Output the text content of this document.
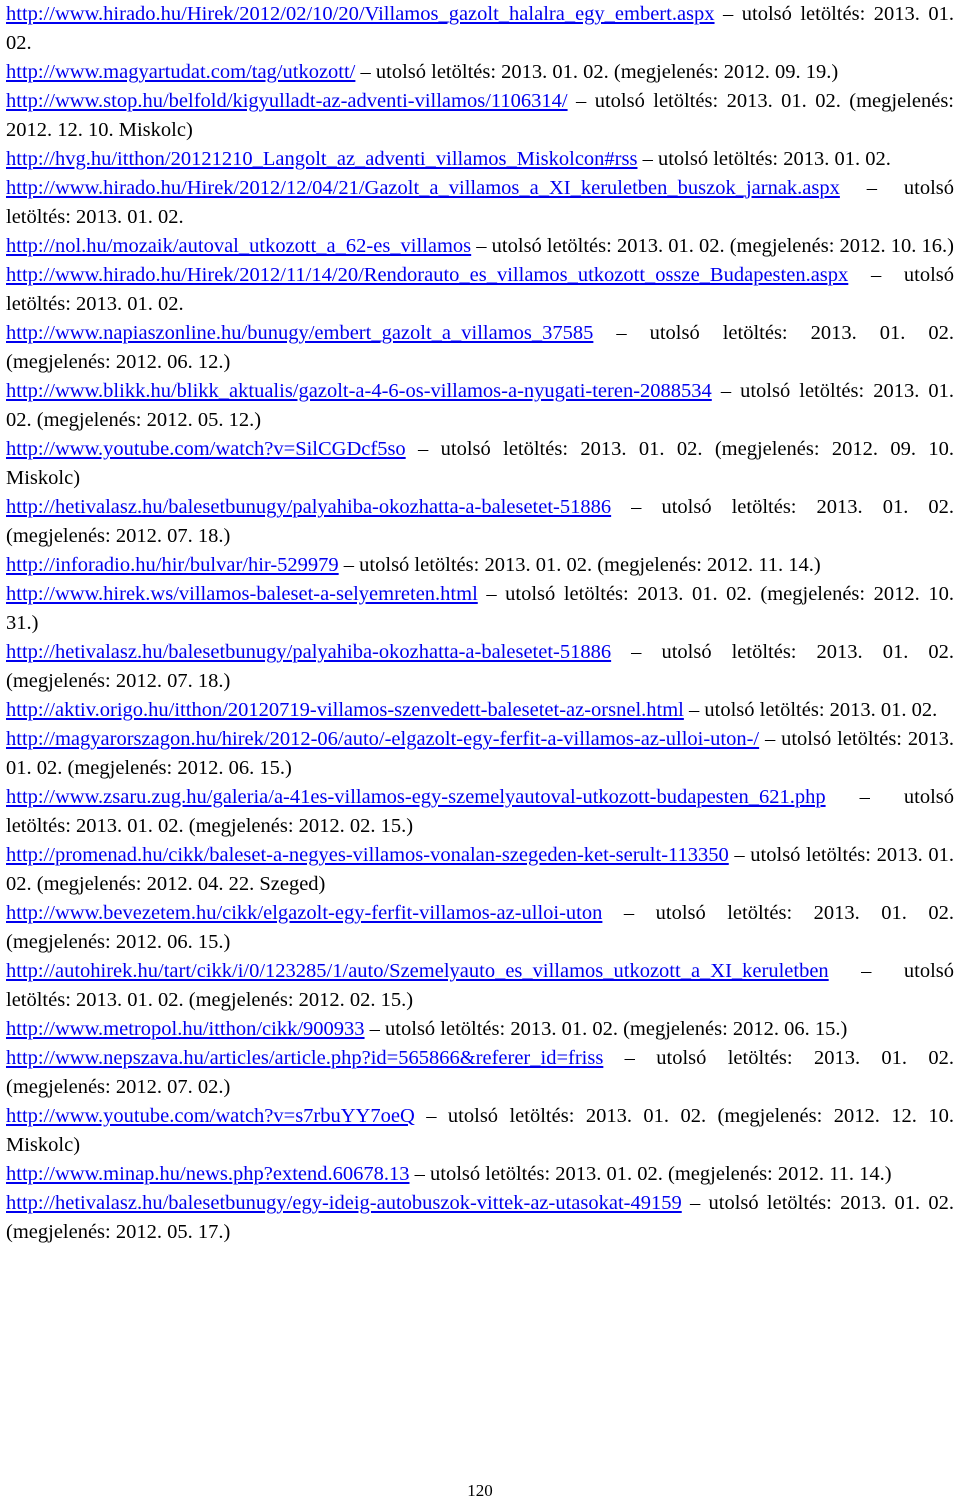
http://www.hirado.hu/Hirek/2012/02/10/20/Villamos_gazolt_halalra_egy_embert.aspx – utolsó letöltés: 2013. 01. 02.

http://www.magyartudat.com/tag/utkozott/ – utolsó letöltés: 2013. 01. 02. (megjelenés: 2012. 09. 19.)

http://www.stop.hu/belfold/kigyulladt-az-adventi-villamos/1106314/ – utolsó letöltés: 2013. 01. 02. (megjelenés: 2012. 12. 10. Miskolc)

http://hvg.hu/itthon/20121210_Langolt_az_adventi_villamos_Miskolcon#rss – utolsó letöltés: 2013. 01. 02.

http://www.hirado.hu/Hirek/2012/12/04/21/Gazolt_a_villamos_a_XI_keruletben_buszok_jarnak.aspx – utolsó letöltés: 2013. 01. 02.

http://nol.hu/mozaik/autoval_utkozott_a_62-es_villamos – utolsó letöltés: 2013. 01. 02. (megjelenés: 2012. 10. 16.)

http://www.hirado.hu/Hirek/2012/11/14/20/Rendorauto_es_villamos_utkozott_ossze_Budapesten.aspx – utolsó letöltés: 2013. 01. 02.

http://www.napiaszonline.hu/bunugy/embert_gazolt_a_villamos_37585 – utolsó letöltés: 2013. 01. 02. (megjelenés: 2012. 06. 12.)

http://www.blikk.hu/blikk_aktualis/gazolt-a-4-6-os-villamos-a-nyugati-teren-2088534 – utolsó letöltés: 2013. 01. 02. (megjelenés: 2012. 05. 12.)

http://www.youtube.com/watch?v=SilCGDcf5so – utolsó letöltés: 2013. 01. 02. (megjelenés: 2012. 09. 10. Miskolc)

http://hetivalasz.hu/balesetbunugy/palyahiba-okozhatta-a-balesetet-51886 – utolsó letöltés: 2013. 01. 02. (megjelenés: 2012. 07. 18.)

http://inforadio.hu/hir/bulvar/hir-529979 – utolsó letöltés: 2013. 01. 02. (megjelenés: 2012. 11. 14.)

http://www.hirek.ws/villamos-baleset-a-selyemreten.html – utolsó letöltés: 2013. 01. 02. (megjelenés: 2012. 10. 31.)

http://hetivalasz.hu/balesetbunugy/palyahiba-okozhatta-a-balesetet-51886 – utolsó letöltés: 2013. 01. 02. (megjelenés: 2012. 07. 18.)

http://aktiv.origo.hu/itthon/20120719-villamos-szenvedett-balesetet-az-orsnel.html – utolsó letöltés: 2013. 01. 02.

http://magyarorszagon.hu/hirek/2012-06/auto/-elgazolt-egy-ferfit-a-villamos-az-ulloi-uton-/ – utolsó letöltés: 2013. 01. 02. (megjelenés: 2012. 06. 15.)

http://www.zsaru.zug.hu/galeria/a-41es-villamos-egy-szemelyautoval-utkozott-budapesten_621.php – utolsó letöltés: 2013. 01. 02. (megjelenés: 2012. 02. 15.)

http://promenad.hu/cikk/baleset-a-negyes-villamos-vonalan-szegeden-ket-serult-113350 – utolsó letöltés: 2013. 01. 02. (megjelenés: 2012. 04. 22. Szeged)

http://www.bevezetem.hu/cikk/elgazolt-egy-ferfit-villamos-az-ulloi-uton – utolsó letöltés: 2013. 01. 02. (megjelenés: 2012. 06. 15.)

http://autohirek.hu/tart/cikk/i/0/123285/1/auto/Szemelyauto_es_villamos_utkozott_a_XI_keruletben – utolsó letöltés: 2013. 01. 02. (megjelenés: 2012. 02. 15.)

http://www.metropol.hu/itthon/cikk/900933 – utolsó letöltés: 2013. 01. 02. (megjelenés: 2012. 06. 15.)

http://www.nepszava.hu/articles/article.php?id=565866&referer_id=friss – utolsó letöltés: 2013. 01. 02. (megjelenés: 2012. 07. 02.)

http://www.youtube.com/watch?v=s7rbuYY7oeQ – utolsó letöltés: 2013. 01. 02. (megjelenés: 2012. 12. 10. Miskolc)

http://www.minap.hu/news.php?extend.60678.13 – utolsó letöltés: 2013. 01. 02. (megjelenés: 2012. 11. 14.)

http://hetivalasz.hu/balesetbunugy/egy-ideig-autobuszok-vittek-az-utasokat-49159 – utolsó letöltés: 2013. 01. 02. (megjelenés: 2012. 05. 17.)

120
